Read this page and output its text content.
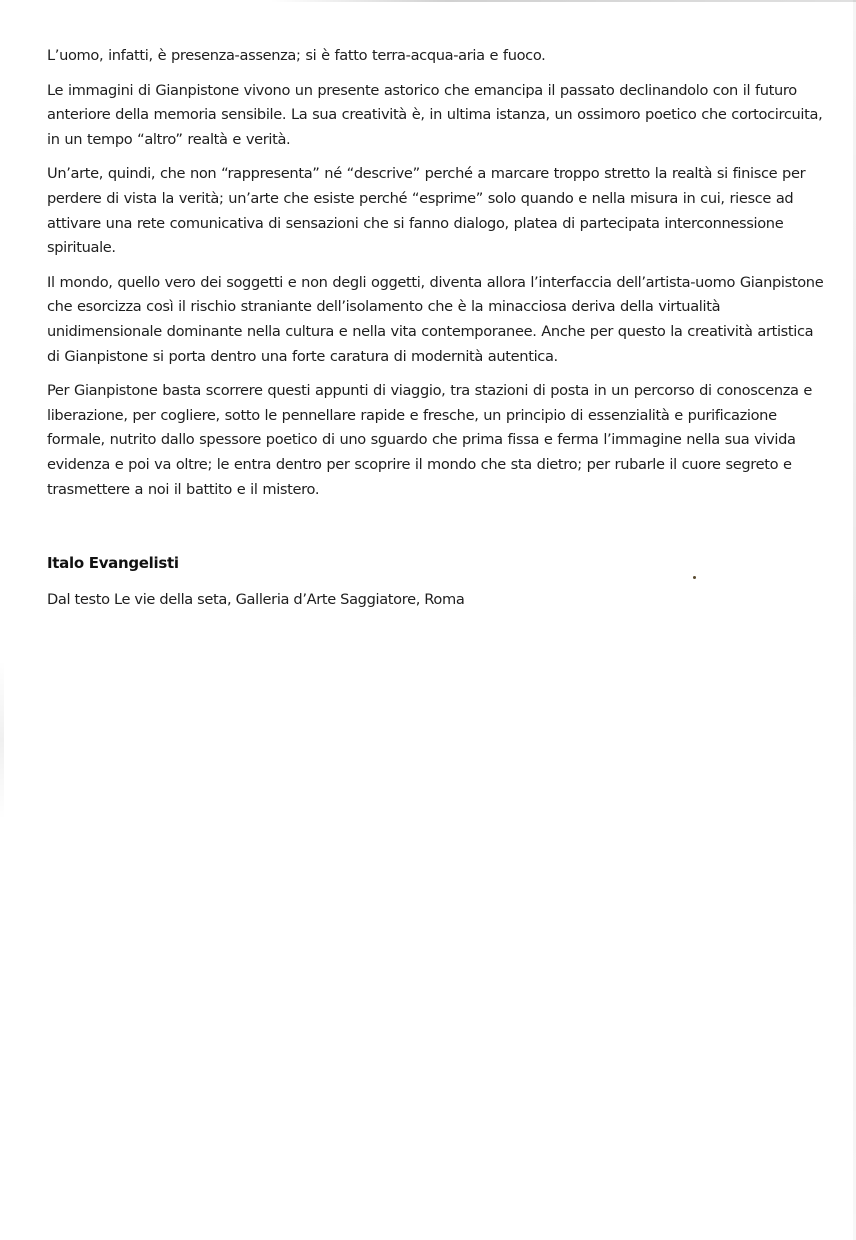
L’uomo, infatti, è presenza-assenza; si è fatto terra-acqua-aria e fuoco.

Le immagini di Gianpistone vivono un presente astorico che emancipa il passato declinandolo con il futuro anteriore della memoria sensibile. La sua creatività è, in ultima istanza, un ossimoro poetico che cortocircuita, in un tempo “altro” realtà e verità.

Un’arte, quindi, che non “rappresenta” né “descrive” perché a marcare troppo stretto la realtà si finisce per perdere di vista la verità; un’arte che esiste perché “esprime” solo quando e nella misura in cui, riesce ad attivare una rete comunicativa di sensazioni che si fanno dialogo, platea di partecipata interconnessione spirituale.

Il mondo, quello vero dei soggetti e non degli oggetti, diventa allora l’interfaccia dell’artista-uomo Gianpistone che esorcizza così il rischio straniante dell’isolamento che è la minacciosa deriva della virtualità unidimensionale dominante nella cultura e nella vita contemporanee. Anche per questo la creatività artistica di Gianpistone si porta dentro una forte caratura di modernità autentica.

Per Gianpistone basta scorrere questi appunti di viaggio, tra stazioni di posta in un percorso di conoscenza e liberazione, per cogliere, sotto le pennellare rapide e fresche, un principio di essenzialità e purificazione formale, nutrito dallo spessore poetico di uno sguardo che prima fissa e ferma l’immagine nella sua vivida evidenza e poi va oltre; le entra dentro per scoprire il mondo che sta dietro; per rubarle il cuore segreto e trasmettere a noi il battito e il mistero.

Italo Evangelisti
Dal testo Le vie della seta, Galleria d’Arte Saggiatore, Roma
